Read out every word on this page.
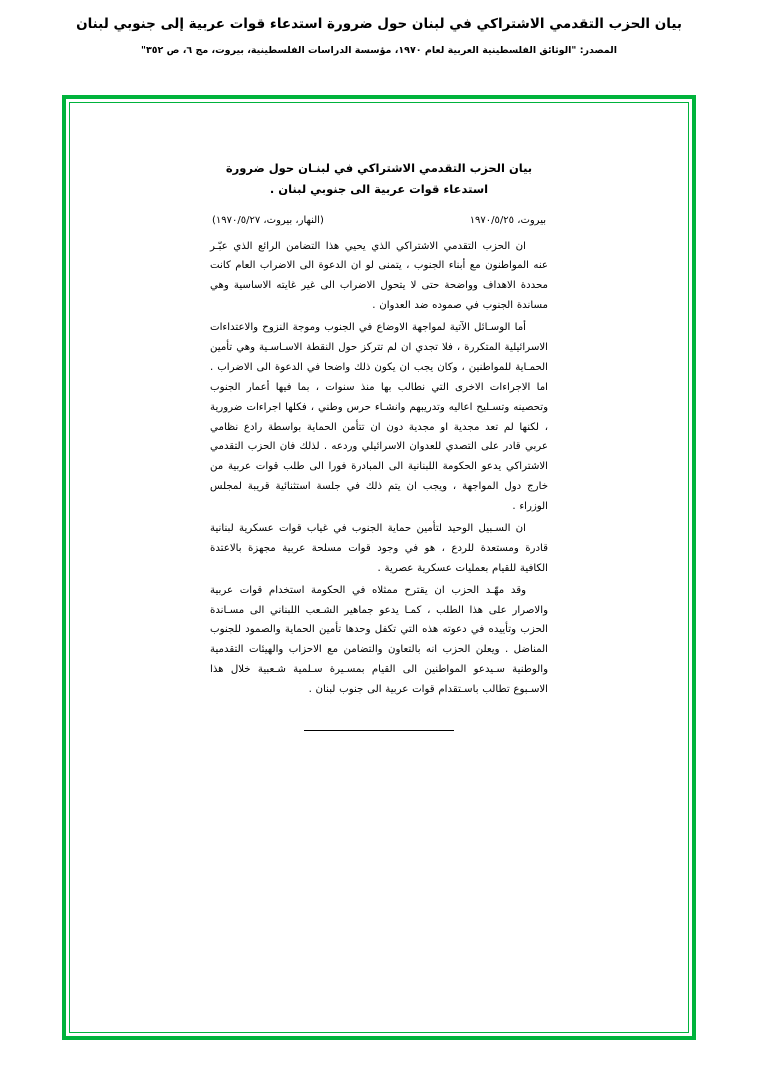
بيان الحزب التقدمي الاشتراكي في لبنان حول ضرورة استدعاء قوات عربية إلى جنوبي لبنان
المصدر: "الوثائق الفلسطينية العربية لعام ١٩٧٠، مؤسسة الدراسات الفلسطينية، بيروت، مج ٦، ص ٣٥٢"
بيان الحزب التقدمي الاشتراكي في لبنـان حول ضرورة استدعاء قوات عربية الى جنوبي لبنان .
بيروت، ١٩٧٠/٥/٢٥
(النهار، بيروت، ١٩٧٠/٥/٢٧)

ان الحزب التقدمي الاشتراكي الذي يحيي هذا التضامن الرائع الذي عبّـر عنه المواطنون مع أبناء الجنوب ، يتمنى لو ان الدعوة الى الاضراب العام كانت محددة الاهداف وواضحة حتى لا يتحول الاضراب الى غير غايته الاساسية وهي مساندة الجنوب في صموده ضد العدوان .

أما الوسـائل الآتية لمواجهة الاوضاع في الجنوب وموجة النزوح والاعتداءات الاسرائيلية المتكررة ، فلا تجدي ان لم تتركز حول النقطة الاسـاسـية وهي تأمين الحمـاية للمواطنين ، وكان يجب ان يكون ذلك واضحا في الدعوة الى الاضراب . اما الاجراءات الاخرى التي نطالب بها منذ سنوات ، بما فيها أعمار الجنوب وتحصينه وتسـليح اعاليه وتدريبهم وانشـاء حرس وطني ، فكلها اجراءات ضرورية ، لكنها لم تعد مجدية او مجدية دون ان تتأمن الحماية بواسطة رادع نظامي عربي قادر على التصدي للعدوان الاسرائيلي وردعه . لذلك فان الحزب التقدمي الاشتراكي يدعو الحكومة اللبنانية الى المبادرة فورا الى طلب قوات عربية من خارج دول المواجهة ، ويجب ان يتم ذلك في جلسة استثنائية قريبة لمجلس الوزراء .

ان السـبيل الوحيد لتأمين حماية الجنوب في غياب قوات عسكرية لبنانية قادرة ومستعدة للردع ، هو في وجود قوات مسلحة عربية مجهزة بالاعتدة الكافية للقيام بعمليات عسكرية عصرية .

وقد مهّـد الحزب ان يقترح ممثلاه في الحكومة استخدام قوات عربية والاصرار على هذا الطلب ، كمـا يدعو جماهير الشـعب اللبناني الى مسـاندة الحزب وتأييده في دعوته هذه التي تكفل وحدها تأمين الحماية والصمود للجنوب المناضل . ويعلن الحزب انه بالتعاون والتضامن مع الاحزاب والهيئات التقدمية والوطنية سـيدعو المواطنين الى القيام بمسـيرة سـلمية شـعبية خلال هذا الاسـبوع تطالب باسـتقدام قوات عربية الى جنوب لبنان .
